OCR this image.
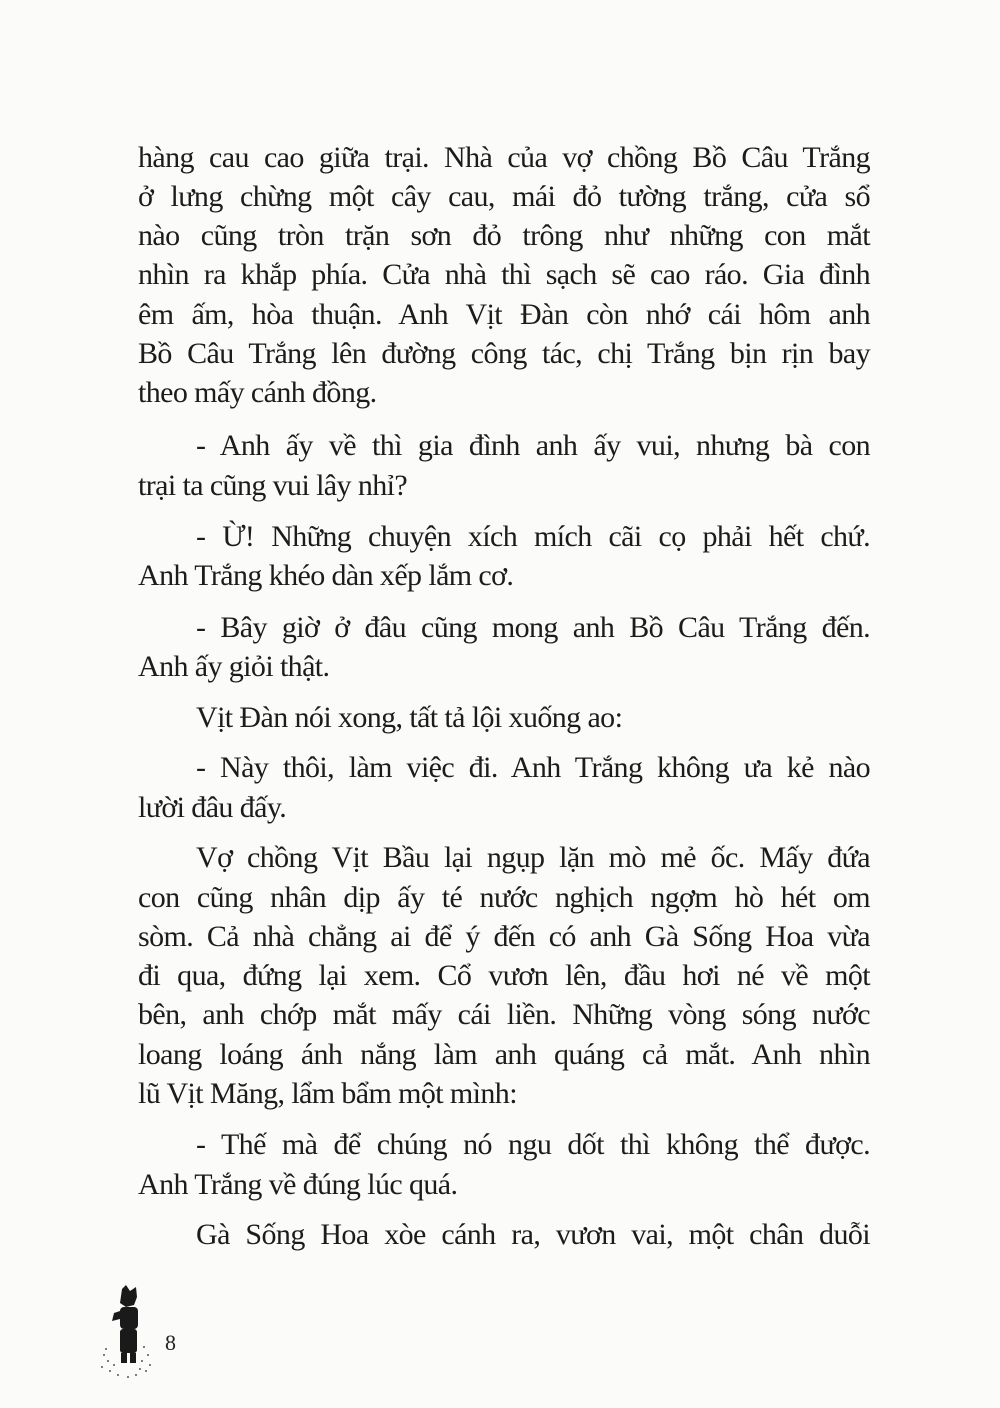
hàng cau cao giữa trại. Nhà của vợ chồng Bồ Câu Trắng
ở lưng chừng một cây cau, mái đỏ tường trắng, cửa sổ
nào cũng tròn trặn sơn đỏ trông như những con mắt
nhìn ra khắp phía. Cửa nhà thì sạch sẽ cao ráo. Gia đình
êm ấm, hòa thuận. Anh Vịt Đàn còn nhớ cái hôm anh
Bồ Câu Trắng lên đường công tác, chị Trắng bịn rịn bay
theo mấy cánh đồng.
- Anh ấy về thì gia đình anh ấy vui, nhưng bà con
trại ta cũng vui lây nhỉ?
- Ừ! Những chuyện xích mích cãi cọ phải hết chứ.
Anh Trắng khéo dàn xếp lắm cơ.
- Bây giờ ở đâu cũng mong anh Bồ Câu Trắng đến.
Anh ấy giỏi thật.
Vịt Đàn nói xong, tất tả lội xuống ao:
- Này thôi, làm việc đi. Anh Trắng không ưa kẻ nào
lười đâu đấy.
Vợ chồng Vịt Bầu lại ngụp lặn mò mẻ ốc. Mấy đứa
con cũng nhân dịp ấy té nước nghịch ngợm hò hét om
sòm. Cả nhà chẳng ai để ý đến có anh Gà Sống Hoa vừa
đi qua, đứng lại xem. Cổ vươn lên, đầu hơi né về một
bên, anh chớp mắt mấy cái liền. Những vòng sóng nước
loang loáng ánh nắng làm anh quáng cả mắt. Anh nhìn
lũ Vịt Măng, lẩm bẩm một mình:
- Thế mà để chúng nó ngu dốt thì không thể được.
Anh Trắng về đúng lúc quá.
Gà Sống Hoa xòe cánh ra, vươn vai, một chân duỗi
8
